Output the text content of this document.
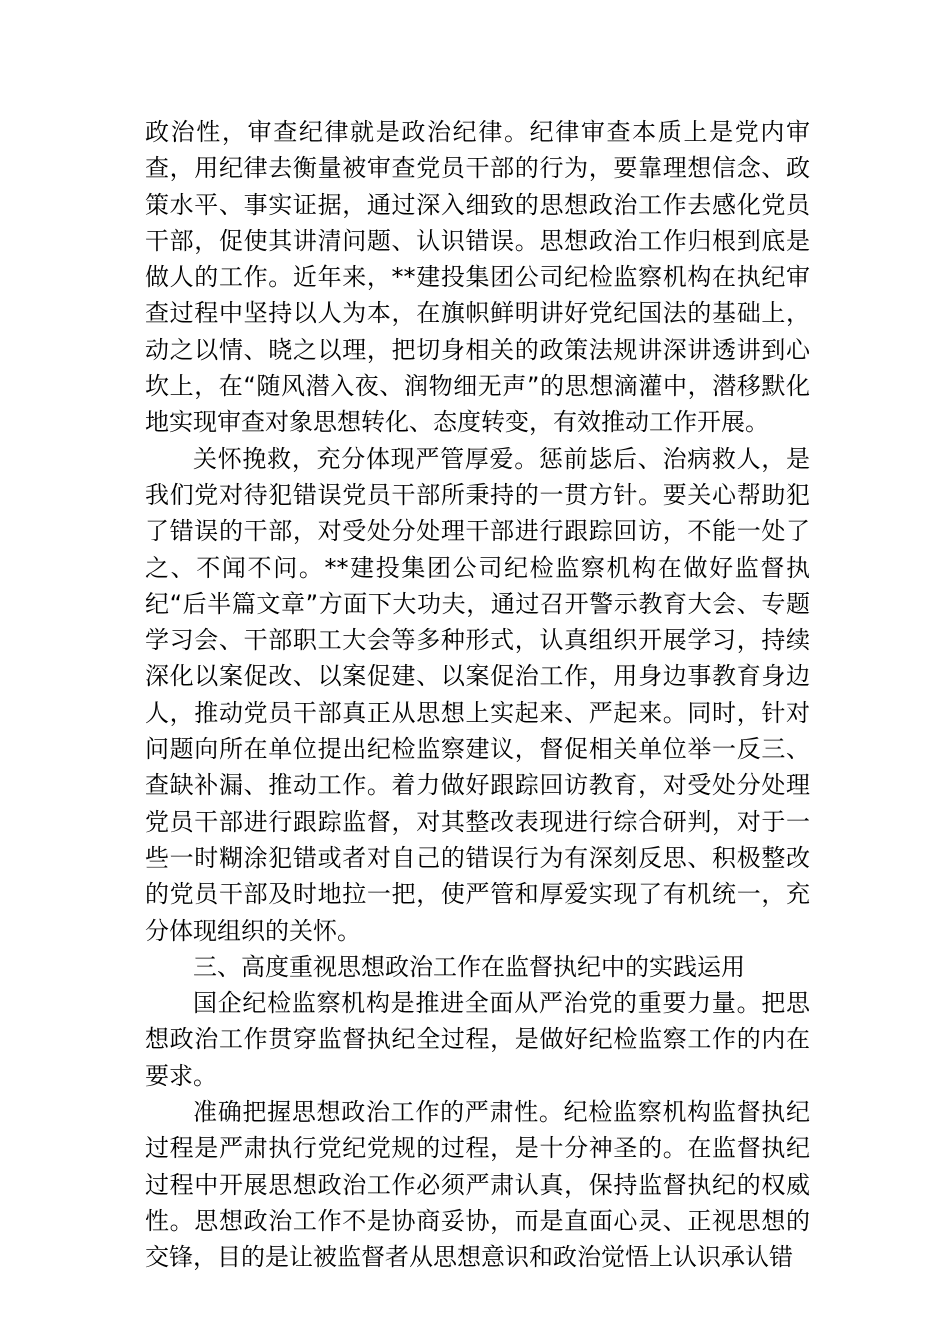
政治性，审查纪律就是政治纪律。纪律审查本质上是党内审查，用纪律去衡量被审查党员干部的行为，要靠理想信念、政策水平、事实证据，通过深入细致的思想政治工作去感化党员干部，促使其讲清问题、认识错误。思想政治工作归根到底是做人的工作。近年来，**建投集团公司纪检监察机构在执纪审查过程中坚持以人为本，在旗帜鲜明讲好党纪国法的基础上，动之以情、晓之以理，把切身相关的政策法规讲深讲透讲到心坎上，在“随风潜入夜、润物细无声”的思想滴灌中，潜移默化地实现审查对象思想转化、态度转变，有效推动工作开展。

关怀挽救，充分体现严管厚爱。惩前毖后、治病救人，是我们党对待犯错误党员干部所秉持的一贯方针。要关心帮助犯了错误的干部，对受处分处理干部进行跟踪回访，不能一处了之、不闻不问。**建投集团公司纪检监察机构在做好监督执纪“后半篇文章”方面下大功夫，通过召开警示教育大会、专题学习会、干部职工大会等多种形式，认真组织开展学习，持续深化以案促改、以案促建、以案促治工作，用身边事教育身边人，推动党员干部真正从思想上实起来、严起来。同时，针对问题向所在单位提出纪检监察建议，督促相关单位举一反三、查缺补漏、推动工作。着力做好跟踪回访教育，对受处分处理党员干部进行跟踪监督，对其整改表现进行综合研判，对于一些一时糊涂犯错或者对自己的错误行为有深刻反思、积极整改的党员干部及时地拉一把，使严管和厚爱实现了有机统一，充分体现组织的关怀。

三、高度重视思想政治工作在监督执纪中的实践运用

国企纪检监察机构是推进全面从严治党的重要力量。把思想政治工作贯穿监督执纪全过程，是做好纪检监察工作的内在要求。

准确把握思想政治工作的严肃性。纪检监察机构监督执纪过程是严肃执行党纪党规的过程，是十分神圣的。在监督执纪过程中开展思想政治工作必须严肃认真，保持监督执纪的权威性。思想政治工作不是协商妥协，而是直面心灵、正视思想的交锋，目的是让被监督者从思想意识和政治觉悟上认识承认错
